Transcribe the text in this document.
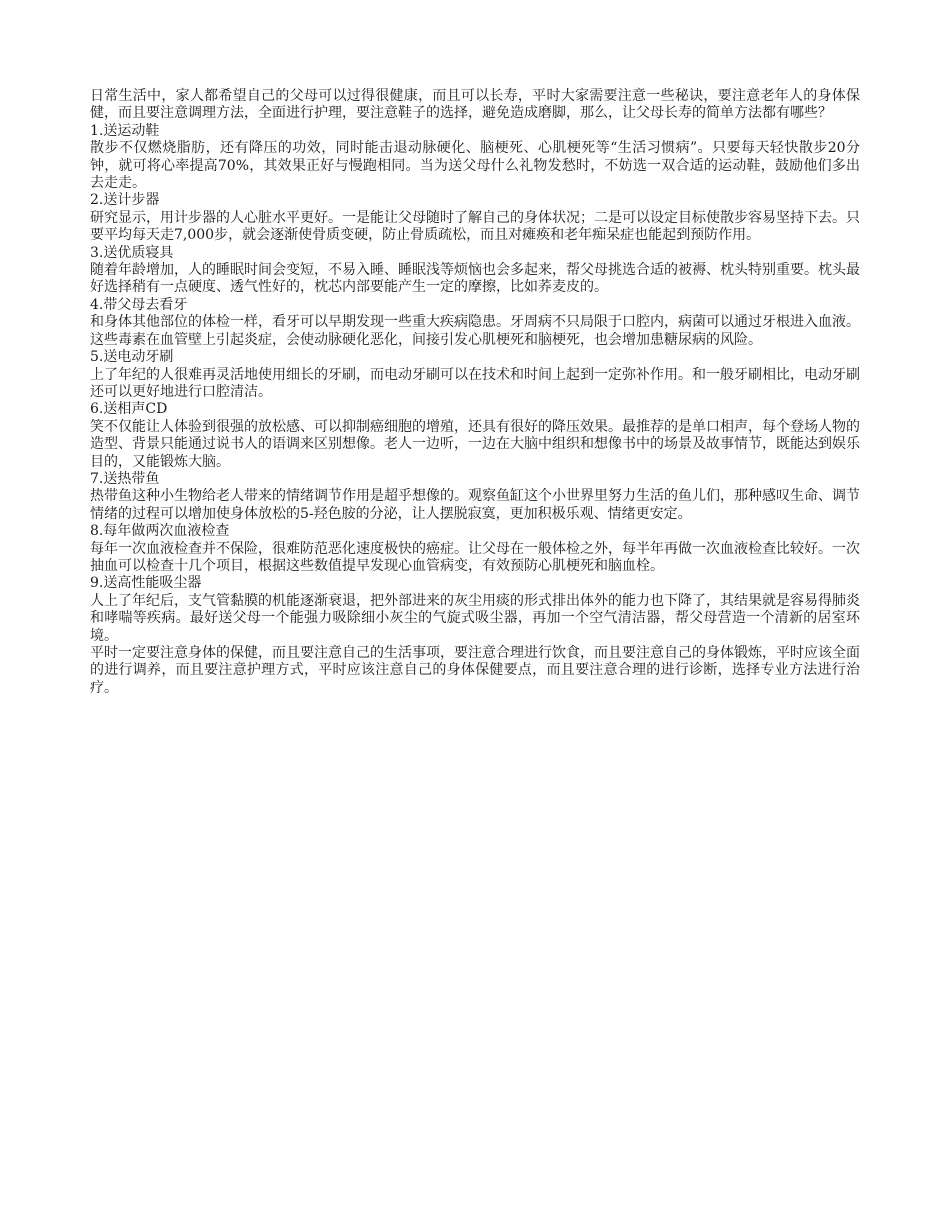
日常生活中，家人都希望自己的父母可以过得很健康，而且可以长寿，平时大家需要注意一些秘诀，要注意老年人的身体保健，而且要注意调理方法，全面进行护理，要注意鞋子的选择，避免造成磨脚，那么，让父母长寿的简单方法都有哪些？

1.送运动鞋

散步不仅燃烧脂肪，还有降压的功效，同时能击退动脉硬化、脑梗死、心肌梗死等“生活习惯病”。只要每天轻快散步20分钟，就可将心率提高70%，其效果正好与慢跑相同。当为送父母什么礼物发愁时，不妨选一双合适的运动鞋，鼓励他们多出去走走。

2.送计步器

研究显示，用计步器的人心脏水平更好。一是能让父母随时了解自己的身体状况；二是可以设定目标使散步容易坚持下去。只要平均每天走7,000步，就会逐渐使骨质变硬，防止骨质疏松，而且对瘫痪和老年痴呆症也能起到预防作用。

3.送优质寝具

随着年龄增加，人的睡眠时间会变短，不易入睡、睡眠浅等烦恼也会多起来，帮父母挑选合适的被褥、枕头特别重要。枕头最好选择稍有一点硬度、透气性好的，枕芯内部要能产生一定的摩擦，比如荞麦皮的。

4.带父母去看牙

和身体其他部位的体检一样，看牙可以早期发现一些重大疾病隐患。牙周病不只局限于口腔内，病菌可以通过牙根进入血液。这些毒素在血管壁上引起炎症，会使动脉硬化恶化，间接引发心肌梗死和脑梗死，也会增加患糖尿病的风险。

5.送电动牙刷

上了年纪的人很难再灵活地使用细长的牙刷，而电动牙刷可以在技术和时间上起到一定弥补作用。和一般牙刷相比，电动牙刷还可以更好地进行口腔清洁。

6.送相声CD

笑不仅能让人体验到很强的放松感、可以抑制癌细胞的增殖，还具有很好的降压效果。最推荐的是单口相声，每个登场人物的造型、背景只能通过说书人的语调来区别想像。老人一边听，一边在大脑中组织和想像书中的场景及故事情节，既能达到娱乐目的，又能锻炼大脑。

7.送热带鱼

热带鱼这种小生物给老人带来的情绪调节作用是超乎想像的。观察鱼缸这个小世界里努力生活的鱼儿们，那种感叹生命、调节情绪的过程可以增加使身体放松的5-羟色胺的分泌，让人摆脱寂寞，更加积极乐观、情绪更安定。

8.每年做两次血液检查

每年一次血液检查并不保险，很难防范恶化速度极快的癌症。让父母在一般体检之外，每半年再做一次血液检查比较好。一次抽血可以检查十几个项目，根据这些数值提早发现心血管病变，有效预防心肌梗死和脑血栓。

9.送高性能吸尘器

人上了年纪后，支气管黏膜的机能逐渐衰退，把外部进来的灰尘用痰的形式排出体外的能力也下降了，其结果就是容易得肺炎和哮喘等疾病。最好送父母一个能强力吸除细小灰尘的气旋式吸尘器，再加一个空气清洁器，帮父母营造一个清新的居室环境。

平时一定要注意身体的保健，而且要注意自己的生活事项，要注意合理进行饮食，而且要注意自己的身体锻炼，平时应该全面的进行调养，而且要注意护理方式，平时应该注意自己的身体保健要点，而且要注意合理的进行诊断，选择专业方法进行治疗。
